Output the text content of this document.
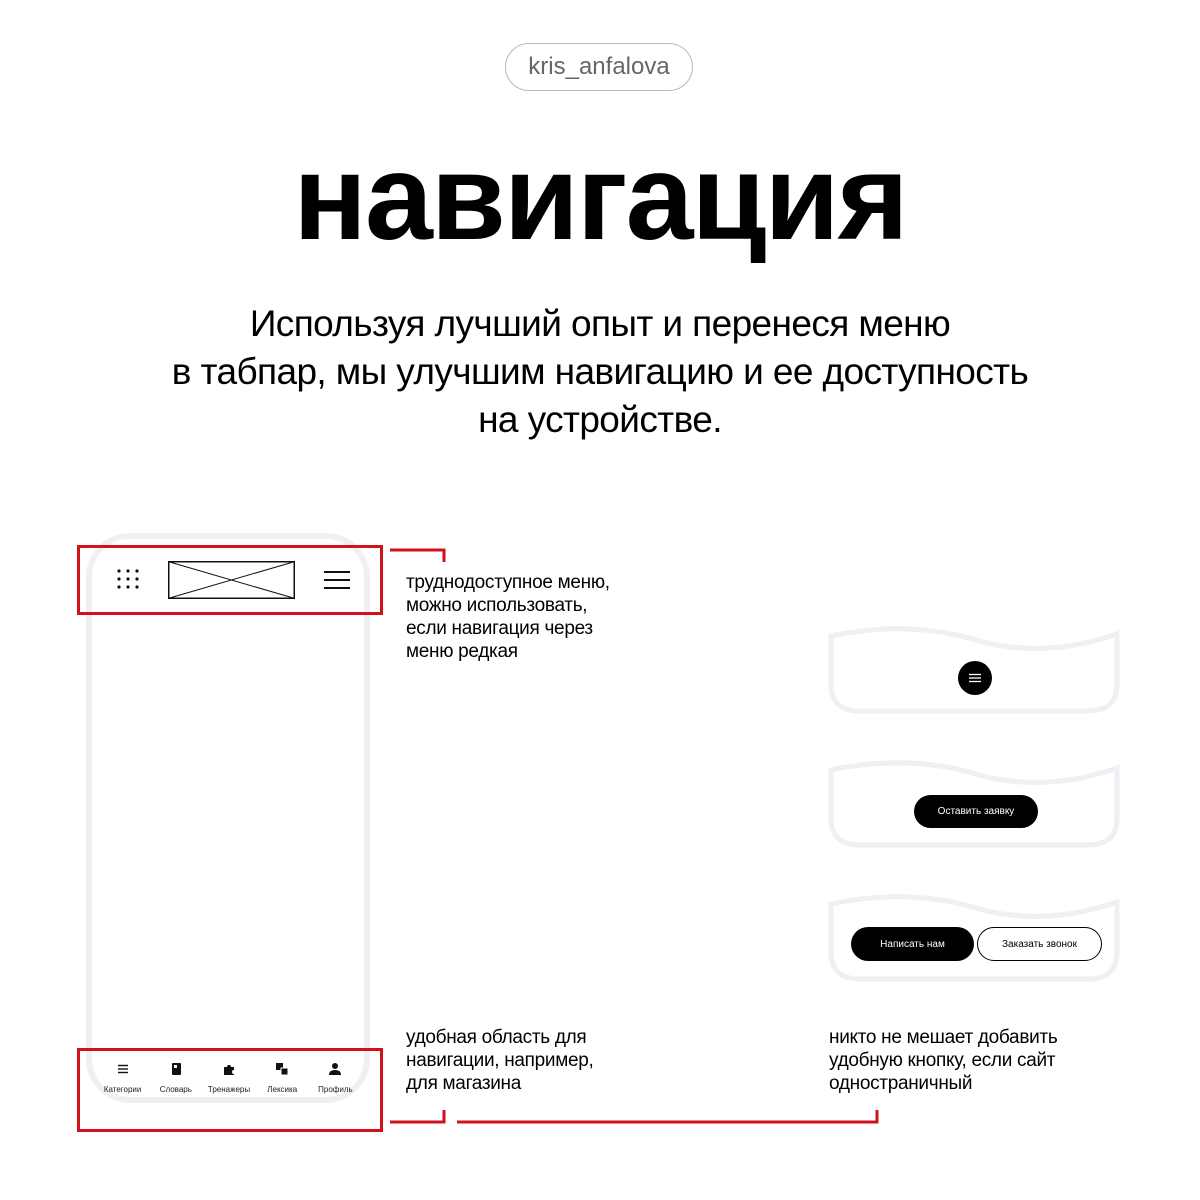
kris_anfalova
навигация
Используя лучший опыт и перенеся меню
в табпар, мы улучшим навигацию и ее доступность
на устройстве.
Категории Словарь Тренажеры Лексика	Профиль
труднодоступное меню,
можно использовать,
если навигация через
меню редкая
удобная область для
навигации, например,
для магазина
никто не мешает добавить
удобную кнопку, если сайт
одностраничный
Оставить заявку
Написать нам	Заказать звонок
